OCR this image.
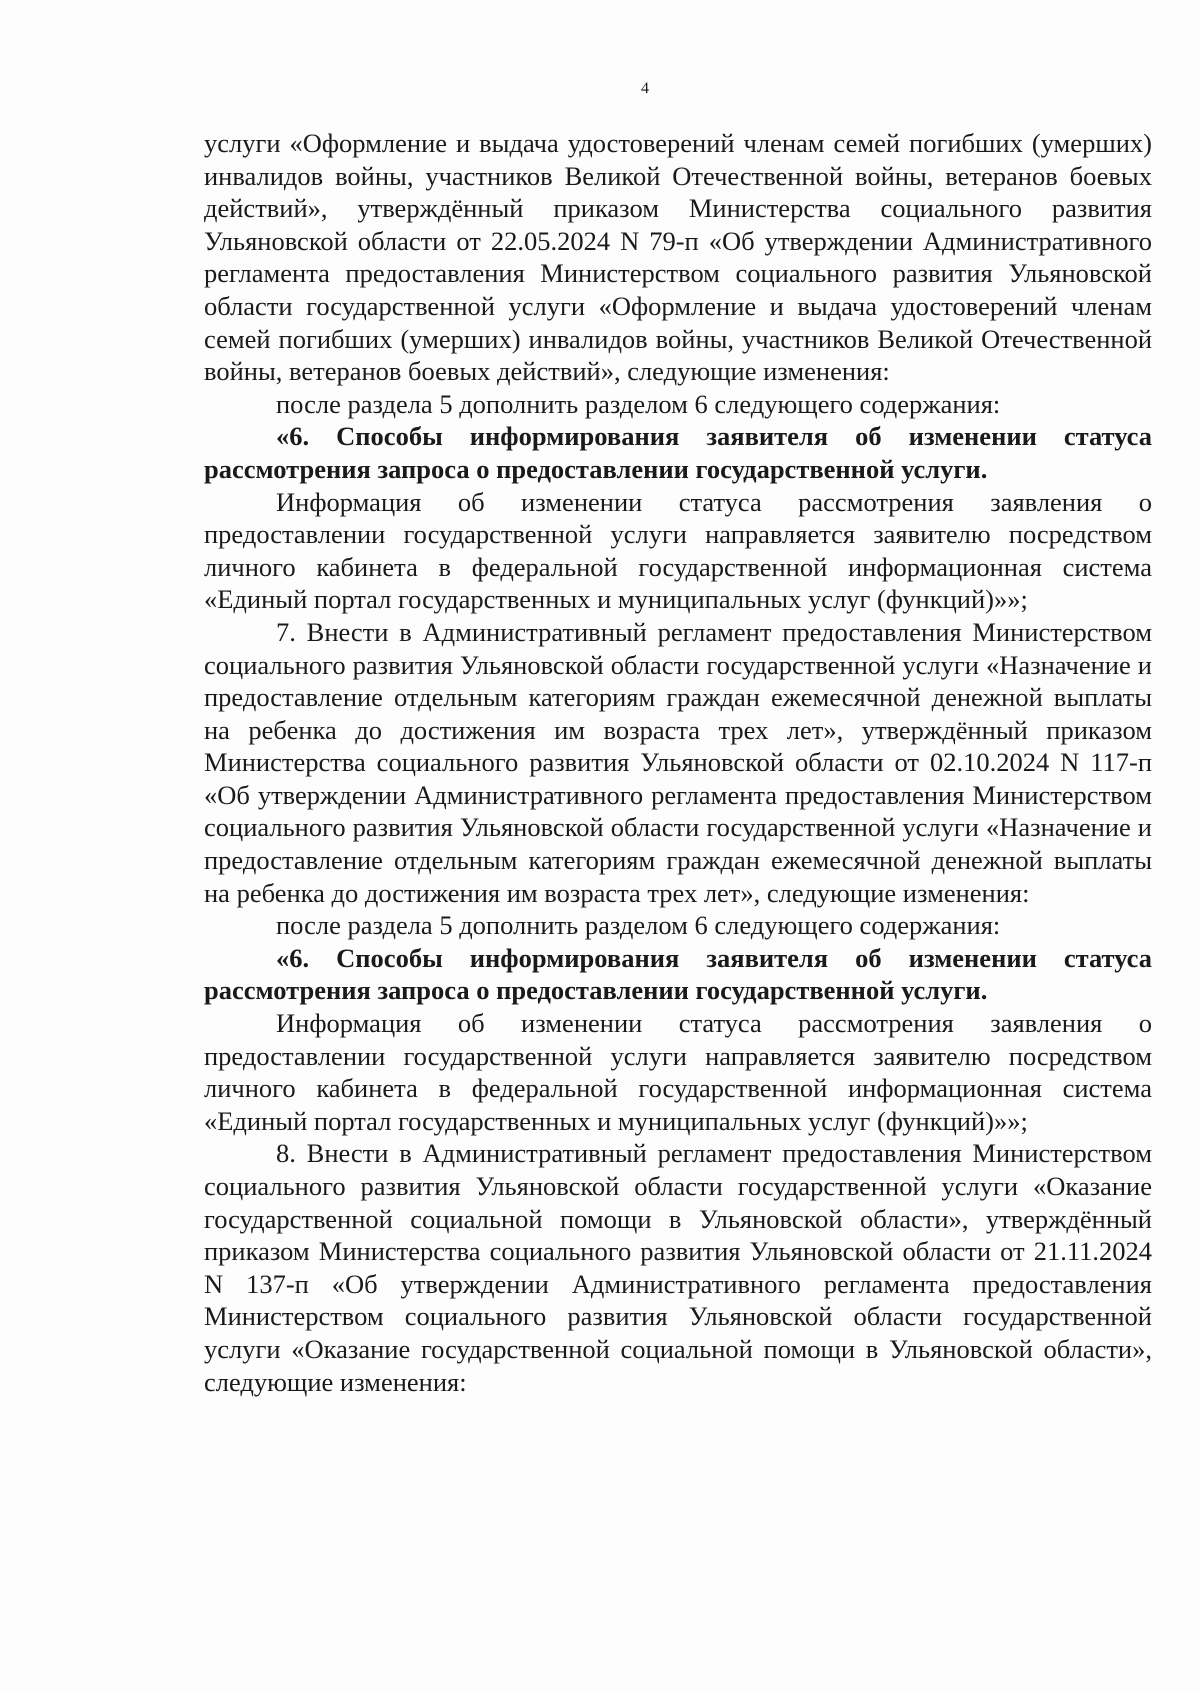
4

услуги «Оформление и выдача удостоверений членам семей погибших (умерших) инвалидов войны, участников Великой Отечественной войны, ветеранов боевых действий», утверждённый приказом Министерства социального развития Ульяновской области от 22.05.2024 N 79-п «Об утверждении Административного регламента предоставления Министерством социального развития Ульяновской области государственной услуги «Оформление и выдача удостоверений членам семей погибших (умерших) инвалидов войны, участников Великой Отечественной войны, ветеранов боевых действий», следующие изменения:

после раздела 5 дополнить разделом 6 следующего содержания:

«6. Способы информирования заявителя об изменении статуса рассмотрения запроса о предоставлении государственной услуги.

Информация об изменении статуса рассмотрения заявления о предоставлении государственной услуги направляется заявителю посредством личного кабинета в федеральной государственной информационная система «Единый портал государственных и муниципальных услуг (функций)»»;

7. Внести в Административный регламент предоставления Министерством социального развития Ульяновской области государственной услуги «Назначение и предоставление отдельным категориям граждан ежемесячной денежной выплаты на ребенка до достижения им возраста трех лет», утверждённый приказом Министерства социального развития Ульяновской области от 02.10.2024 N 117-п «Об утверждении Административного регламента предоставления Министерством социального развития Ульяновской области государственной услуги «Назначение и предоставление отдельным категориям граждан ежемесячной денежной выплаты на ребенка до достижения им возраста трех лет», следующие изменения:

после раздела 5 дополнить разделом 6 следующего содержания:

«6. Способы информирования заявителя об изменении статуса рассмотрения запроса о предоставлении государственной услуги.

Информация об изменении статуса рассмотрения заявления о предоставлении государственной услуги направляется заявителю посредством личного кабинета в федеральной государственной информационная система «Единый портал государственных и муниципальных услуг (функций)»»;

8. Внести в Административный регламент предоставления Министерством социального развития Ульяновской области государственной услуги «Оказание государственной социальной помощи в Ульяновской области», утверждённый приказом Министерства социального развития Ульяновской области от 21.11.2024 N 137-п «Об утверждении Административного регламента предоставления Министерством социального развития Ульяновской области государственной услуги «Оказание государственной социальной помощи в Ульяновской области», следующие изменения:
